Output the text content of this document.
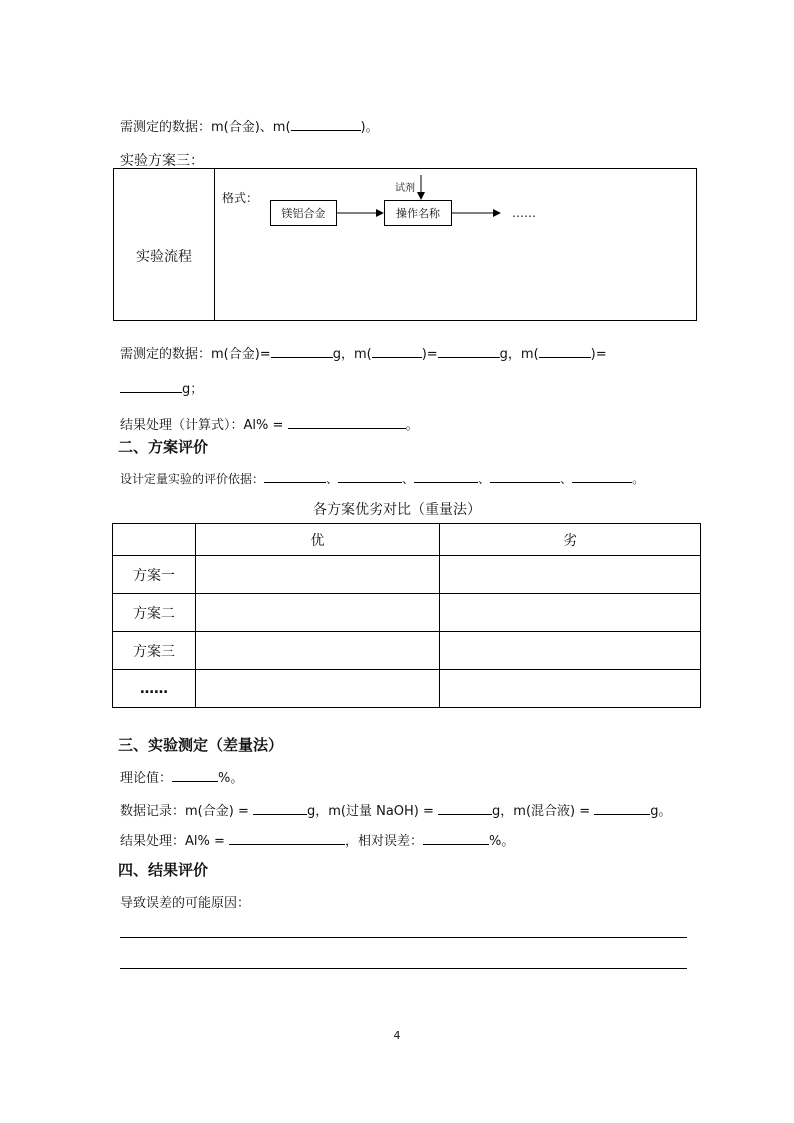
需测定的数据：m(合金)、m(	)。
实验方案三：
实验流程
格式：
试剂
镁铝合金	操作名称	……
需测定的数据：m(合金)=	g，m(	)=	g，m(	)=
g；
结果处理（计算式）：Al% =	。
二、方案评价
设计定量实验的评价依据：	、	、	、	、	。
各方案优劣对比（重量法）
	优	劣
方案一		
方案二		
方案三		
……		
三、实验测定（差量法）
理论值：	%。
数据记录：m(合金) =	g，m(过量 NaOH) =	g，m(混合液) =	g。
结果处理：Al% =	，相对误差：	%。
四、结果评价
导致误差的可能原因：
4
